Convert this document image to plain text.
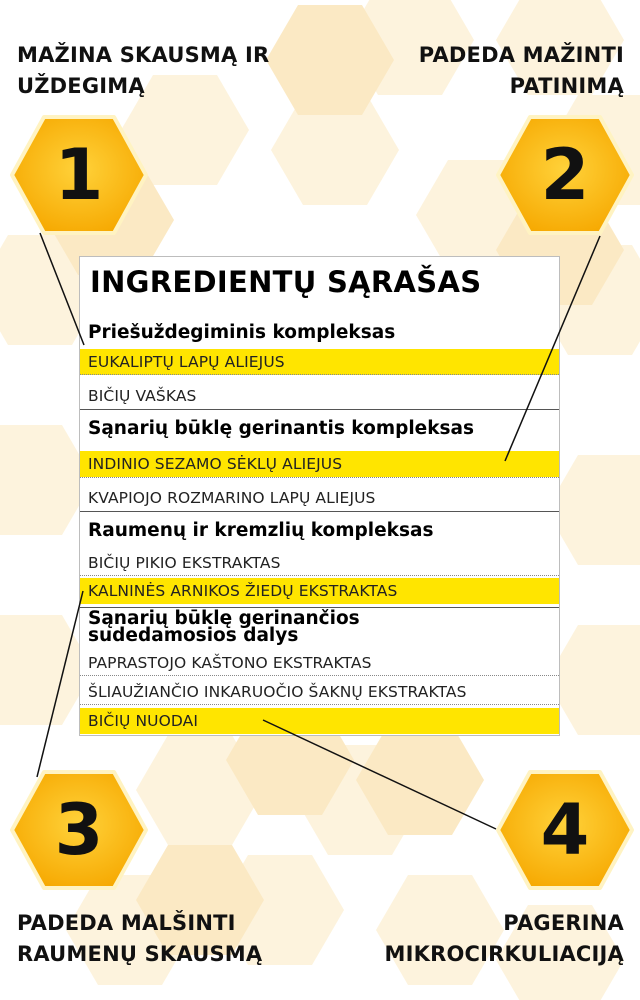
MAŽINA SKAUSMĄ IR
UŽDEGIMĄ
PADEDA MAŽINTI
PATINIMĄ
PADEDA MALŠINTI
RAUMENŲ SKAUSMĄ
PAGERINA
MIKROCIRKULIACIJĄ
1	2
3	4
INGREDIENTŲ SĄRAŠAS
Priešuždegiminis kompleksas
EUKALIPTŲ LAPŲ ALIEJUS
BIČIŲ VAŠKAS
Sąnarių būklę gerinantis kompleksas
INDINIO SEZAMO SĖKLŲ ALIEJUS
KVAPIOJO ROZMARINO LAPŲ ALIEJUS
Raumenų ir kremzlių kompleksas
BIČIŲ PIKIO EKSTRAKTAS
KALNINĖS ARNIKOS ŽIEDŲ EKSTRAKTAS
Sąnarių būklę gerinančios
sudedamosios dalys
PAPRASTOJO KAŠTONO EKSTRAKTAS
ŠLIAUŽIANČIO INKARUOČIO ŠAKNŲ EKSTRAKTAS
BIČIŲ NUODAI
